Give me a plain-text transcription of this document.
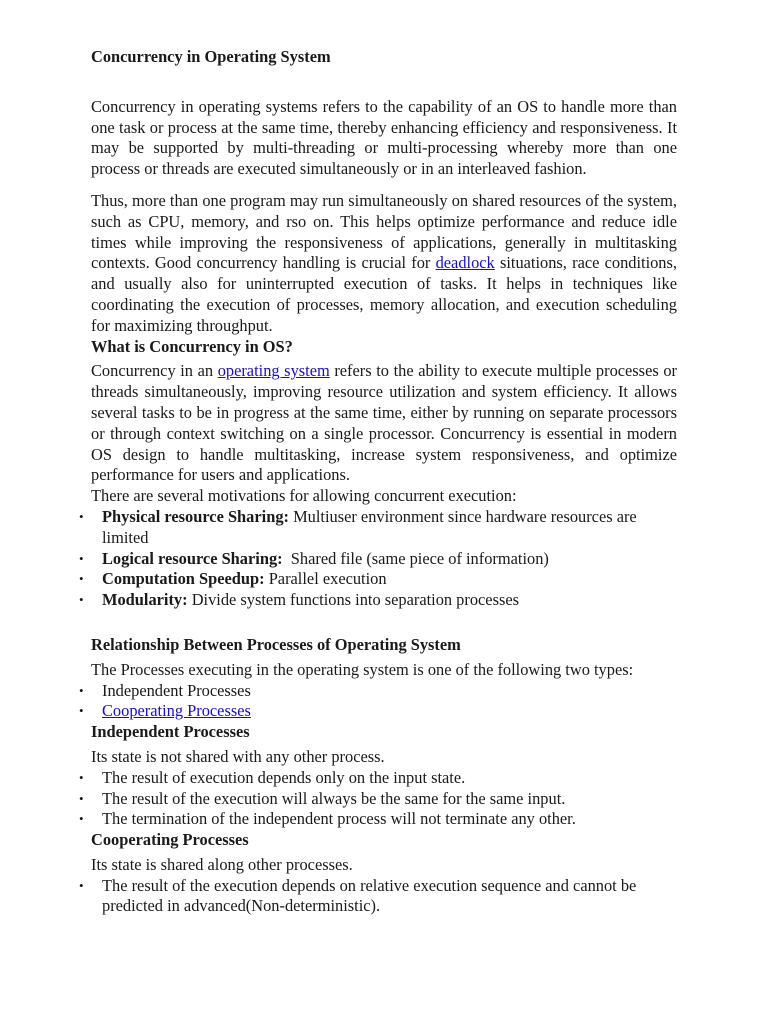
Concurrency in Operating System

Concurrency in operating systems refers to the capability of an OS to handle more than one task or process at the same time, thereby enhancing efficiency and responsiveness. It may be supported by multi-threading or multi-processing whereby more than one process or threads are executed simultaneously or in an interleaved fashion.

Thus, more than one program may run simultaneously on shared resources of the system, such as CPU, memory, and rso on. This helps optimize performance and reduce idle times while improving the responsiveness of applications, generally in multitasking contexts. Good concurrency handling is crucial for deadlock situations, race conditions, and usually also for uninterrupted execution of tasks. It helps in techniques like coordinating the execution of processes, memory allocation, and execution scheduling for maximizing throughput.

What is Concurrency in OS?

Concurrency in an operating system refers to the ability to execute multiple processes or threads simultaneously, improving resource utilization and system efficiency. It allows several tasks to be in progress at the same time, either by running on separate processors or through context switching on a single processor. Concurrency is essential in modern OS design to handle multitasking, increase system responsiveness, and optimize performance for users and applications.

There are several motivations for allowing concurrent execution:

• Physical resource Sharing: Multiuser environment since hardware resources are limited
• Logical resource Sharing: Shared file (same piece of information)
• Computation Speedup: Parallel execution
• Modularity: Divide system functions into separation processes
Relationship Between Processes of Operating System

The Processes executing in the operating system is one of the following two types:

• Independent Processes
• Cooperating Processes
Independent Processes

Its state is not shared with any other process.

• The result of execution depends only on the input state.
• The result of the execution will always be the same for the same input.
• The termination of the independent process will not terminate any other.
Cooperating Processes

Its state is shared along other processes.

• The result of the execution depends on relative execution sequence and cannot be predicted in advanced(Non-deterministic).
